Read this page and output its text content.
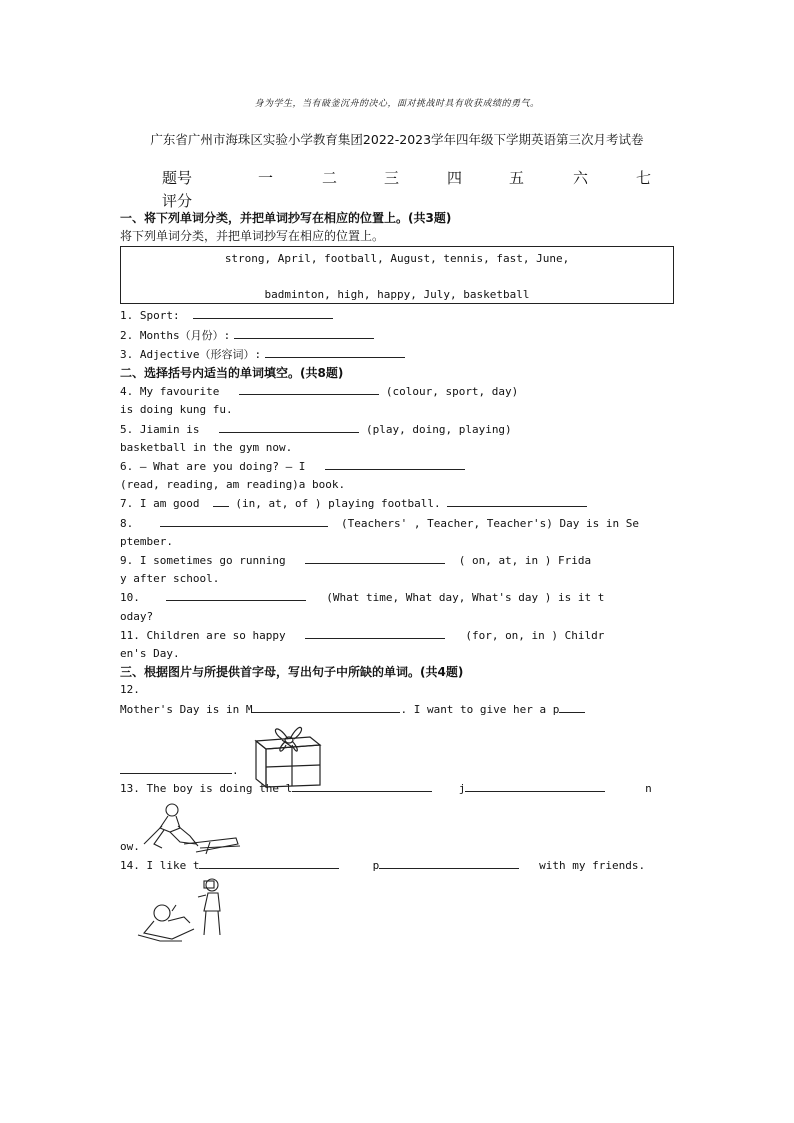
身为学生，当有破釜沉舟的决心，面对挑战时具有收获成绩的勇气。
广东省广州市海珠区实验小学教育集团2022-2023学年四年级下学期英语第三次月考试卷
题号	一	二	三	四	五	六	七
评分
一、将下列单词分类，并把单词抄写在相应的位置上。(共3题)
将下列单词分类，并把单词抄写在相应的位置上。
strong, April, football, August, tennis, fast, June,
badminton, high, happy, July, basketball
1. Sport:
2. Months（月份）:
3. Adjective（形容词）:
二、选择括号内适当的单词填空。(共8题)
4. My favourite	(colour, sport, day)
is doing kung fu.
5. Jiamin is	(play, doing, playing)
basketball in the gym now.
6. — What are you doing? — I
(read, reading, am reading)a book.
7. I am good	(in, at, of ) playing football.
8.	(Teachers' , Teacher, Teacher's) Day is in Se
ptember.
9. I sometimes go running	( on, at, in ) Frida
y after school.
10.	(What time, What day, What's day ) is it t
oday?
11. Children are so happy	(for, on, in ) Childr
en's Day.
三、根据图片与所提供首字母，写出句子中所缺的单词。(共4题)
12.
Mother's Day is in M	. I want to give her a p
.
13. The boy is doing the l	j	n
ow.
14. I like t	p	with my friends.
